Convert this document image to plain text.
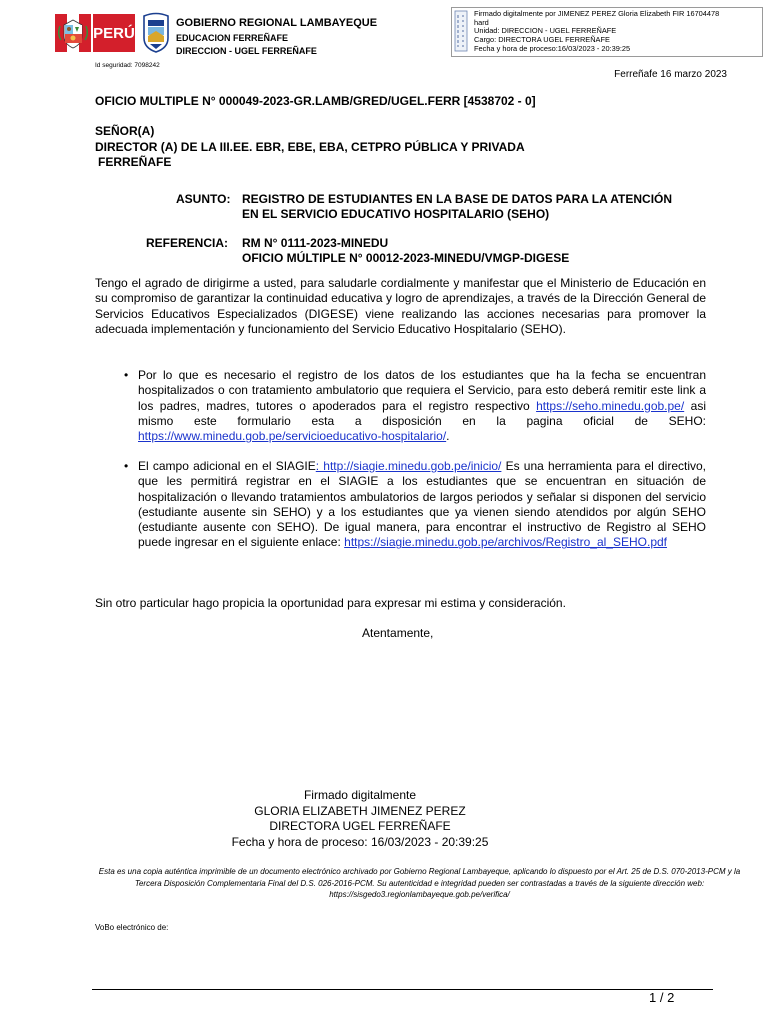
PERÚ
GOBIERNO REGIONAL LAMBAYEQUE
EDUCACION FERREÑAFE
DIRECCION - UGEL FERREÑAFE
Firmado digitalmente por JIMENEZ PEREZ Gloria Elizabeth FIR 16704478
hard
Unidad: DIRECCION - UGEL FERREÑAFE
Cargo: DIRECTORA UGEL FERREÑAFE
Fecha y hora de proceso:16/03/2023 - 20:39:25
Id seguridad: 7098242
Ferreñafe 16 marzo 2023
OFICIO MULTIPLE N° 000049-2023-GR.LAMB/GRED/UGEL.FERR [4538702 - 0]
SEÑOR(A)
DIRECTOR (A) DE LA III.EE. EBR, EBE, EBA, CETPRO PÚBLICA Y PRIVADA
FERREÑAFE
ASUNTO: REGISTRO DE ESTUDIANTES EN LA BASE DE DATOS PARA LA ATENCIÓN
EN EL SERVICIO EDUCATIVO HOSPITALARIO (SEHO)
REFERENCIA: RM N° 0111-2023-MINEDU
OFICIO MÚLTIPLE N° 00012-2023-MINEDU/VMGP-DIGESE
Tengo el agrado de dirigirme a usted, para saludarle cordialmente y manifestar que el Ministerio de Educación en su compromiso de garantizar la continuidad educativa y logro de aprendizajes, a través de la Dirección General de Servicios Educativos Especializados (DIGESE) viene realizando las acciones necesarias para promover la adecuada implementación y funcionamiento del Servicio Educativo Hospitalario (SEHO).
• Por lo que es necesario el registro de los datos de los estudiantes que ha la fecha se encuentran hospitalizados o con tratamiento ambulatorio que requiera el Servicio, para esto deberá remitir este link a los padres, madres, tutores o apoderados para el registro respectivo https://seho.minedu.gob.pe/ asi mismo este formulario esta a disposición en la pagina oficial de SEHO: https://www.minedu.gob.pe/servicioeducativo-hospitalario/.
• El campo adicional en el SIAGIE: http://siagie.minedu.gob.pe/inicio/ Es una herramienta para el directivo, que les permitirá registrar en el SIAGIE a los estudiantes que se encuentran en situación de hospitalización o llevando tratamientos ambulatorios de largos periodos y señalar si disponen del servicio (estudiante ausente sin SEHO) y a los estudiantes que ya vienen siendo atendidos por algún SEHO (estudiante ausente con SEHO). De igual manera, para encontrar el instructivo de Registro al SEHO puede ingresar en el siguiente enlace: https://siagie.minedu.gob.pe/archivos/Registro_al_SEHO.pdf
Sin otro particular hago propicia la oportunidad para expresar mi estima y consideración.
Atentamente,
Firmado digitalmente
GLORIA ELIZABETH JIMENEZ PEREZ
DIRECTORA UGEL FERREÑAFE
Fecha y hora de proceso: 16/03/2023 - 20:39:25
Esta es una copia auténtica imprimible de un documento electrónico archivado por Gobierno Regional Lambayeque, aplicando lo dispuesto por el Art. 25 de D.S. 070-2013-PCM y la Tercera Disposición Complementaria Final del D.S. 026-2016-PCM. Su autenticidad e integridad pueden ser contrastadas a través de la siguiente dirección web: https://sisgedo3.regionlambayeque.gob.pe/verifica/
VoBo electrónico de:
1 / 2
